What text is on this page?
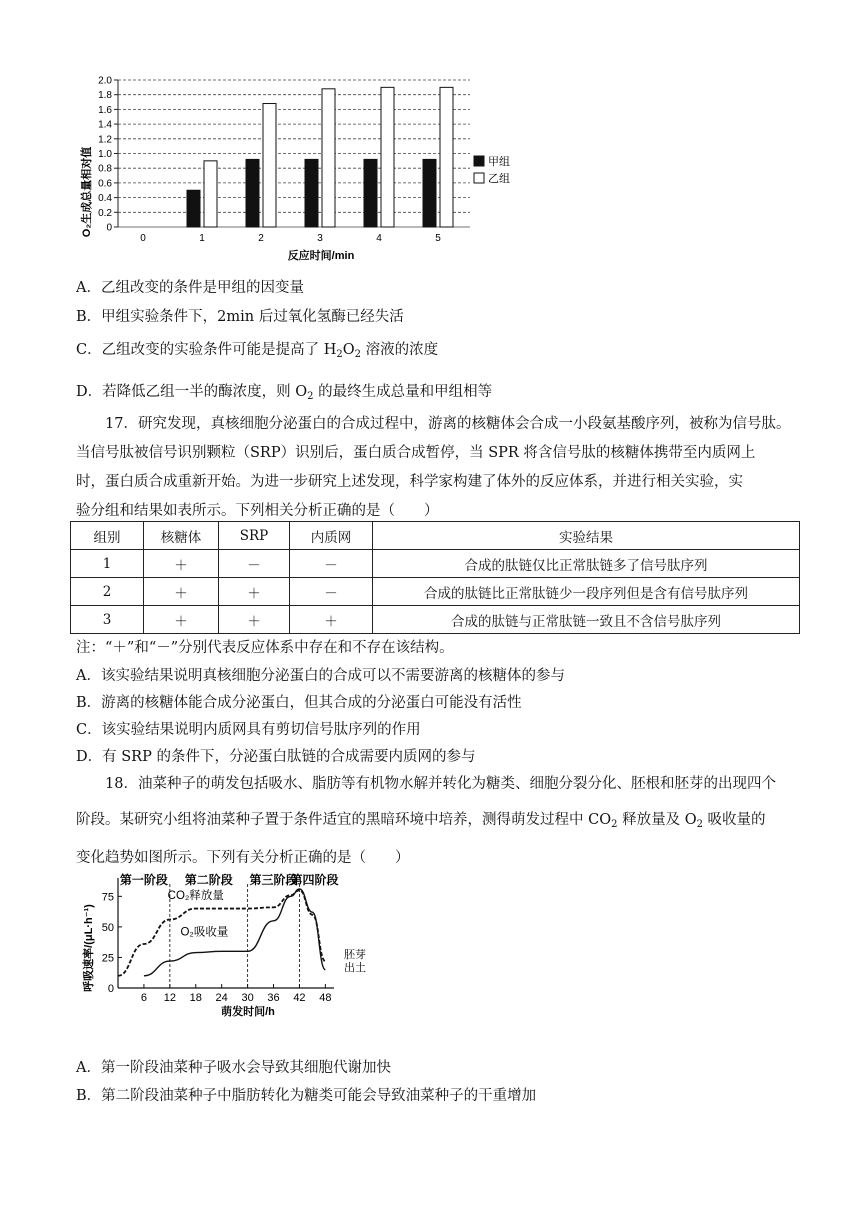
0
0.2
0.4
0.6
0.8
1.0
1.2
1.4
1.6
1.8
2.0
0	1	2	3	4	5
O₂生成总量相对值
反应时间/min
甲组
乙组
A．乙组改变的条件是甲组的因变量
B．甲组实验条件下，2min 后过氧化氢酶已经失活
C．乙组改变的实验条件可能是提高了 $H_2O_2$ 溶液的浓度
D．若降低乙组一半的酶浓度，则 $O_2$ 的最终生成总量和甲组相等
17．研究发现，真核细胞分泌蛋白的合成过程中，游离的核糖体会合成一小段氨基酸序列，被称为信号肽。
当信号肽被信号识别颗粒（SRP）识别后，蛋白质合成暂停，当 SPR 将含信号肽的核糖体携带至内质网上
时，蛋白质合成重新开始。为进一步研究上述发现，科学家构建了体外的反应体系，并进行相关实验，实
验分组和结果如表所示。下列相关分析正确的是（　　）
组别	核糖体	SRP	内质网	实验结果
1	＋	－	－	合成的肽链仅比正常肽链多了信号肽序列
2	＋	＋	－	合成的肽链比正常肽链少一段序列但是含有信号肽序列
3	＋	＋	＋	合成的肽链与正常肽链一致且不含信号肽序列
注：“＋”和“－”分别代表反应体系中存在和不存在该结构。
A．该实验结果说明真核细胞分泌蛋白的合成可以不需要游离的核糖体的参与
B．游离的核糖体能合成分泌蛋白，但其合成的分泌蛋白可能没有活性
C．该实验结果说明内质网具有剪切信号肽序列的作用
D．有 SRP 的条件下，分泌蛋白肽链的合成需要内质网的参与
18．油菜种子的萌发包括吸水、脂肪等有机物水解并转化为糖类、细胞分裂分化、胚根和胚芽的出现四个
阶段。某研究小组将油菜种子置于条件适宜的黑暗环境中培养，测得萌发过程中 $CO_2$ 释放量及 $O_2$ 吸收量的
变化趋势如图所示。下列有关分析正确的是（　　）
第一阶段 第二阶段 第三阶段
第四阶段
0
25
50
75
6 12 18 24 30 36 42 48
CO₂释放量
O₂吸收量
呼吸速率/(μL·h⁻¹)
萌发时间/h
胚芽
出土
A．第一阶段油菜种子吸水会导致其细胞代谢加快
B．第二阶段油菜种子中脂肪转化为糖类可能会导致油菜种子的干重增加
